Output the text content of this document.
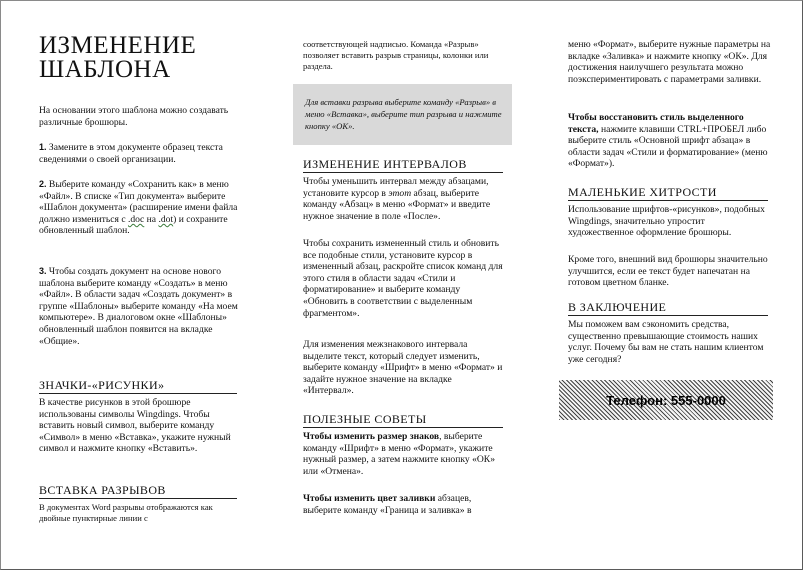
ИЗМЕНЕНИЕ ШАБЛОНА

На основании этого шаблона можно создавать различные брошюры.

1. Замените в этом документе образец текста сведениями о своей организации.

2. Выберите команду «Сохранить как» в меню «Файл». В списке «Тип документа» выберите «Шаблон документа» (расширение имени файла должно измениться с .doc на .dot) и сохраните обновленный шаблон.

3. Чтобы создать документ на основе нового шаблона выберите команду «Создать» в меню «Файл». В области задач «Создать документ» в группе «Шаблоны» выберите команду «На моем компьютере». В диалоговом окне «Шаблоны» обновленный шаблон появится на вкладке «Общие».

ЗНАЧКИ-«РИСУНКИ»

В качестве рисунков в этой брошюре использованы символы Wingdings. Чтобы вставить новый символ, выберите команду «Символ» в меню «Вставка», укажите нужный символ и нажмите кнопку «Вставить».

ВСТАВКА РАЗРЫВОВ

В документах Word разрывы отображаются как двойные пунктирные линии с

соответствующей надписью. Команда «Разрыв» позволяет вставить разрыв страницы, колонки или раздела.

Для вставки разрыва выберите команду «Разрыв» в меню «Вставка», выберите тип разрыва и нажмите кнопку «ОК».

ИЗМЕНЕНИЕ ИНТЕРВАЛОВ

Чтобы уменьшить интервал между абзацами, установите курсор в этот абзац, выберите команду «Абзац» в меню «Формат» и введите нужное значение в поле «После».

Чтобы сохранить измененный стиль и обновить все подобные стили, установите курсор в измененный абзац, раскройте список команд для этого стиля в области задач «Стили и форматирование» и выберите команду «Обновить в соответствии с выделенным фрагментом».

Для изменения межзнакового интервала выделите текст, который следует изменить, выберите команду «Шрифт» в меню «Формат» и задайте нужное значение на вкладке «Интервал».

ПОЛЕЗНЫЕ СОВЕТЫ

Чтобы изменить размер знаков, выберите команду «Шрифт» в меню «Формат», укажите нужный размер, а затем нажмите кнопку «ОК» или «Отмена».

Чтобы изменить цвет заливки абзацев, выберите команду «Граница и заливка» в

меню «Формат», выберите нужные параметры на вкладке «Заливка» и нажмите кнопку «ОК». Для достижения наилучшего результата можно поэкспериментировать с параметрами заливки.

Чтобы восстановить стиль выделенного текста, нажмите клавиши CTRL+ПРОБЕЛ либо выберите стиль «Основной шрифт абзаца» в области задач «Стили и форматирование» (меню «Формат»).

МАЛЕНЬКИЕ ХИТРОСТИ

Использование шрифтов-«рисунков», подобных Wingdings, значительно упростит художественное оформление брошюры.

Кроме того, внешний вид брошюры значительно улучшится, если ее текст будет напечатан на готовом цветном бланке.

В ЗАКЛЮЧЕНИЕ

Мы поможем вам сэкономить средства, существенно превышающие стоимость наших услуг. Почему бы вам не стать нашим клиентом уже сегодня?

Телефон: 555-0000
